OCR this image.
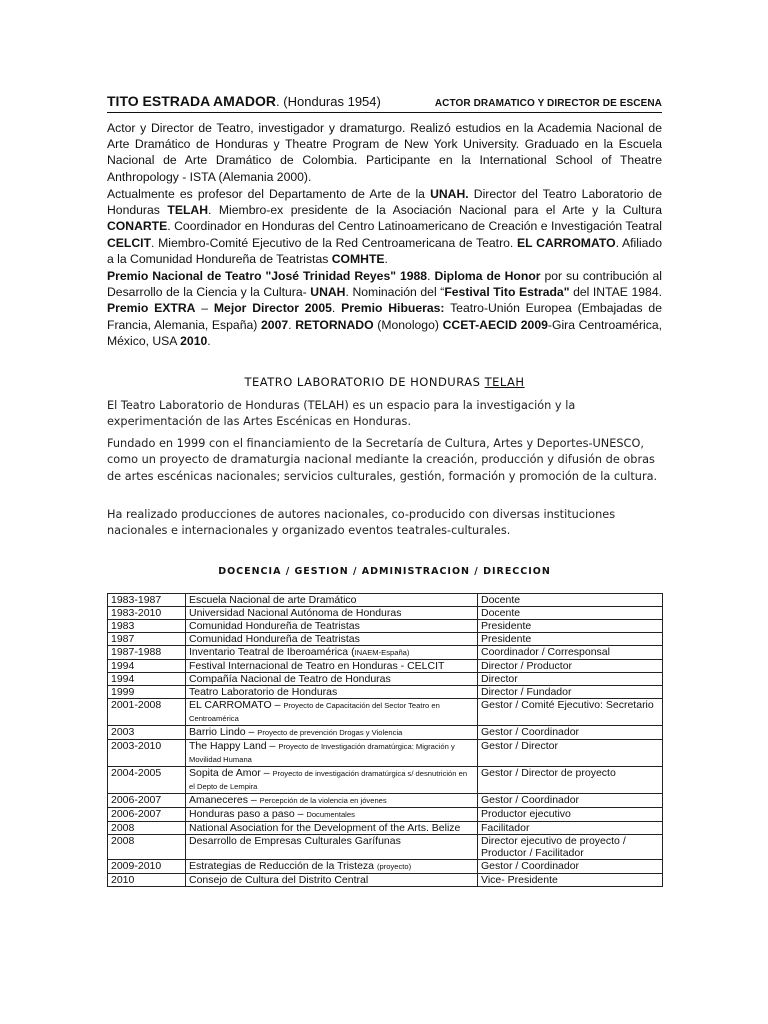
TITO ESTRADA AMADOR. (Honduras 1954)	ACTOR DRAMATICO Y DIRECTOR DE ESCENA

Actor y Director de Teatro, investigador y dramaturgo. Realizó estudios en la Academia Nacional de Arte Dramático de Honduras y Theatre Program de New York University. Graduado en la Escuela Nacional de Arte Dramático de Colombia. Participante en la International School of Theatre Anthropology - ISTA (Alemania 2000).

Actualmente es profesor del Departamento de Arte de la UNAH. Director del Teatro Laboratorio de Honduras TELAH. Miembro-ex presidente de la Asociación Nacional para el Arte y la Cultura CONARTE. Coordinador en Honduras del Centro Latinoamericano de Creación e Investigación Teatral CELCIT. Miembro-Comité Ejecutivo de la Red Centroamericana de Teatro. EL CARROMATO. Afiliado a la Comunidad Hondureña de Teatristas COMHTE.

Premio Nacional de Teatro "José Trinidad Reyes" 1988. Diploma de Honor por su contribución al Desarrollo de la Ciencia y la Cultura- UNAH. Nominación del “Festival Tito Estrada" del INTAE 1984. Premio EXTRA – Mejor Director 2005. Premio Hibueras: Teatro-Unión Europea (Embajadas de Francia, Alemania, España) 2007. RETORNADO (Monologo) CCET-AECID 2009-Gira Centroamérica, México, USA 2010.

TEATRO LABORATORIO DE HONDURAS TELAH

El Teatro Laboratorio de Honduras (TELAH) es un espacio para la investigación y la experimentación de las Artes Escénicas en Honduras.

Fundado en 1999 con el financiamiento de la Secretaría de Cultura, Artes y Deportes-UNESCO, como un proyecto de dramaturgia nacional mediante la creación, producción y difusión de obras de artes escénicas nacionales; servicios culturales, gestión, formación y promoción de la cultura.

Ha realizado producciones de autores nacionales, co-producido con diversas instituciones nacionales e internacionales y organizado eventos teatrales-culturales.

DOCENCIA / GESTION / ADMINISTRACION / DIRECCION
1983-1987	Escuela Nacional de arte Dramático	Docente
1983-2010	Universidad Nacional Autónoma de Honduras	Docente
1983	Comunidad Hondureña de Teatristas	Presidente
1987	Comunidad Hondureña de Teatristas	Presidente
1987-1988	Inventario Teatral de Iberoamérica (INAEM-España)	Coordinador / Corresponsal
1994	Festival Internacional de Teatro en Honduras - CELCIT	Director / Productor
1994	Compañía Nacional de Teatro de Honduras	Director
1999	Teatro Laboratorio de Honduras	Director / Fundador
2001-2008	EL CARROMATO – Proyecto de Capacitación del Sector Teatro en Centroamérica	Gestor / Comité Ejecutivo: Secretario
2003	Barrio Lindo – Proyecto de prevención Drogas y Violencia	Gestor / Coordinador
2003-2010	The Happy Land – Proyecto de Investigación dramatúrgica: Migración y Movilidad Humana	Gestor / Director
2004-2005	Sopita de Amor – Proyecto de investigación dramatúrgica s/ desnutrición en el Depto de Lempira	Gestor / Director de proyecto
2006-2007	Amaneceres – Percepción de la violencia en jóvenes	Gestor / Coordinador
2006-2007	Honduras paso a paso – Documentales	Productor ejecutivo
2008	National Asociation for the Development of the Arts. Belize	Facilitador
2008	Desarrollo de Empresas Culturales Garífunas	Director ejecutivo de proyecto / Productor / Facilitador
2009-2010	Estrategias de Reducción de la Tristeza (proyecto)	Gestor / Coordinador
2010	Consejo de Cultura del Distrito Central	Vice- Presidente
